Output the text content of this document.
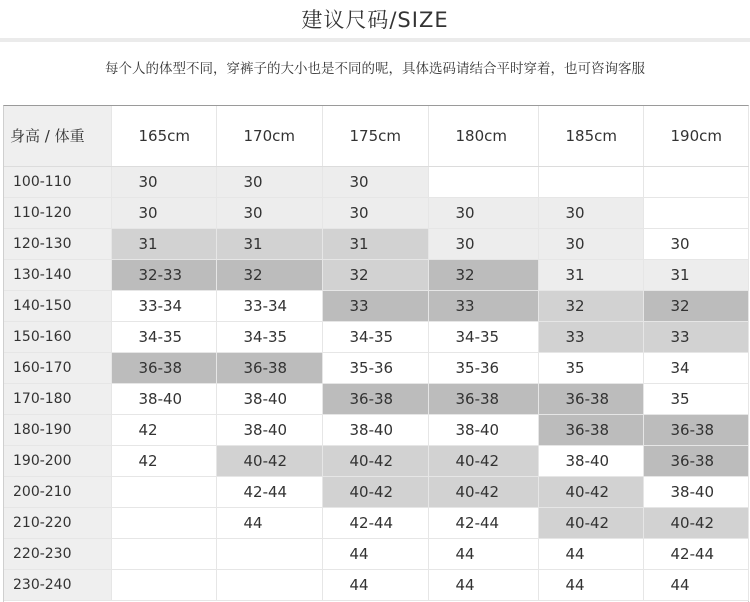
建议尺码/SIZE
每个人的体型不同，穿裤子的大小也是不同的呢，具体选码请结合平时穿着，也可咨询客服
身高 / 体重	165cm	170cm	175cm	180cm	185cm	190cm
100-110	30	30	30			
110-120	30	30	30	30	30	
120-130	31	31	31	30	30	30
130-140	32-33	32	32	32	31	31
140-150	33-34	33-34	33	33	32	32
150-160	34-35	34-35	34-35	34-35	33	33
160-170	36-38	36-38	35-36	35-36	35	34
170-180	38-40	38-40	36-38	36-38	36-38	35
180-190	42	38-40	38-40	38-40	36-38	36-38
190-200	42	40-42	40-42	40-42	38-40	36-38
200-210		42-44	40-42	40-42	40-42	38-40
210-220		44	42-44	42-44	40-42	40-42
220-230			44	44	44	42-44
230-240			44	44	44	44
